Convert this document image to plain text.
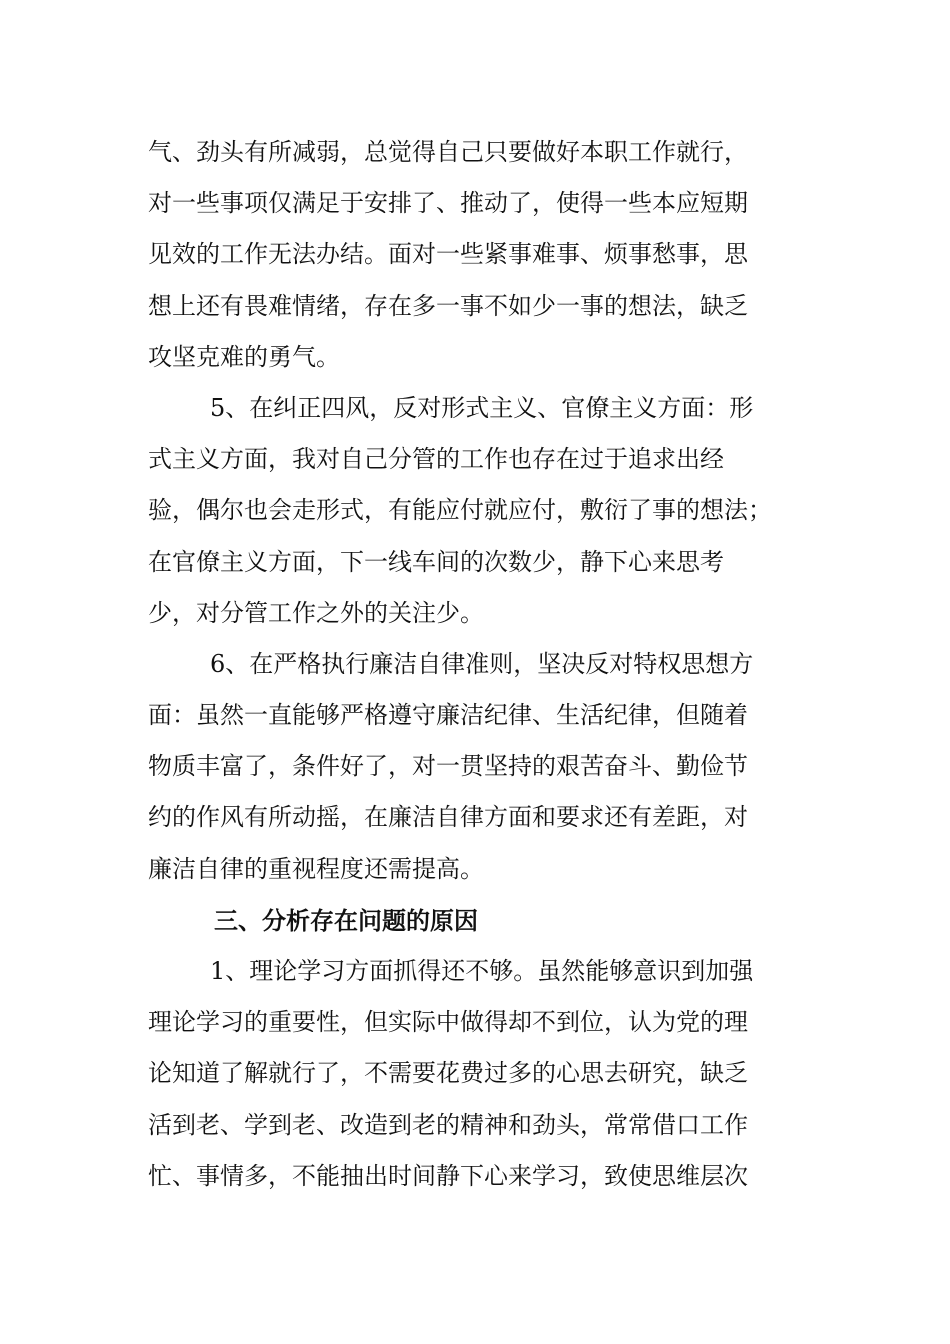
气、劲头有所减弱，总觉得自己只要做好本职工作就行，
对一些事项仅满足于安排了、推动了，使得一些本应短期
见效的工作无法办结。面对一些紧事难事、烦事愁事，思
想上还有畏难情绪，存在多一事不如少一事的想法，缺乏
攻坚克难的勇气。
5、在纠正四风，反对形式主义、官僚主义方面：形
式主义方面，我对自己分管的工作也存在过于追求出经
验，偶尔也会走形式，有能应付就应付，敷衍了事的想法；
在官僚主义方面，下一线车间的次数少，静下心来思考
少，对分管工作之外的关注少。
6、在严格执行廉洁自律准则，坚决反对特权思想方
面：虽然一直能够严格遵守廉洁纪律、生活纪律，但随着
物质丰富了，条件好了，对一贯坚持的艰苦奋斗、勤俭节
约的作风有所动摇，在廉洁自律方面和要求还有差距，对
廉洁自律的重视程度还需提高。
三、分析存在问题的原因
1、理论学习方面抓得还不够。虽然能够意识到加强
理论学习的重要性，但实际中做得却不到位，认为党的理
论知道了解就行了，不需要花费过多的心思去研究，缺乏
活到老、学到老、改造到老的精神和劲头，常常借口工作
忙、事情多，不能抽出时间静下心来学习，致使思维层次
